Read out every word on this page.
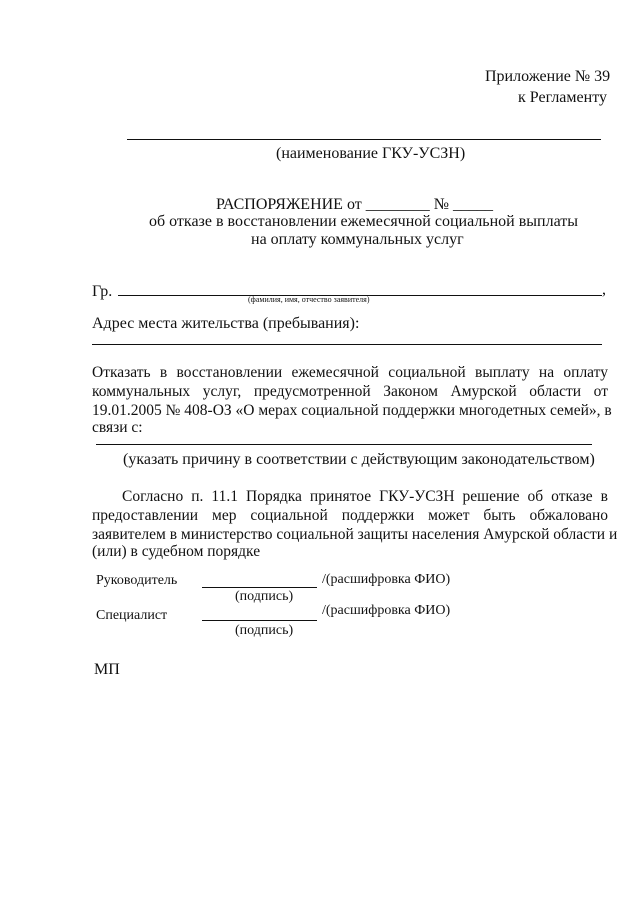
Приложение № 39
к Регламенту
(наименование ГКУ-УСЗН)
РАСПОРЯЖЕНИЕ от ________ № _____
об отказе в восстановлении ежемесячной социальной выплаты
на оплату коммунальных услуг
Гр.	,
(фамилия, имя, отчество заявителя)
Адрес места жительства (пребывания):
Отказать в восстановлении ежемесячной социальной выплату на оплату
коммунальных услуг, предусмотренной Законом Амурской области от
19.01.2005 № 408-ОЗ «О мерах социальной поддержки многодетных семей», в
связи с:
(указать причину в соответствии с действующим законодательством)
Согласно п. 11.1 Порядка принятое ГКУ-УСЗН решение об отказе в
предоставлении мер социальной поддержки может быть обжаловано
заявителем в министерство социальной защиты населения Амурской области и
(или) в судебном порядке
Руководитель	/(расшифровка ФИО)
(подпись)
Специалист	/(расшифровка ФИО)
(подпись)
МП
